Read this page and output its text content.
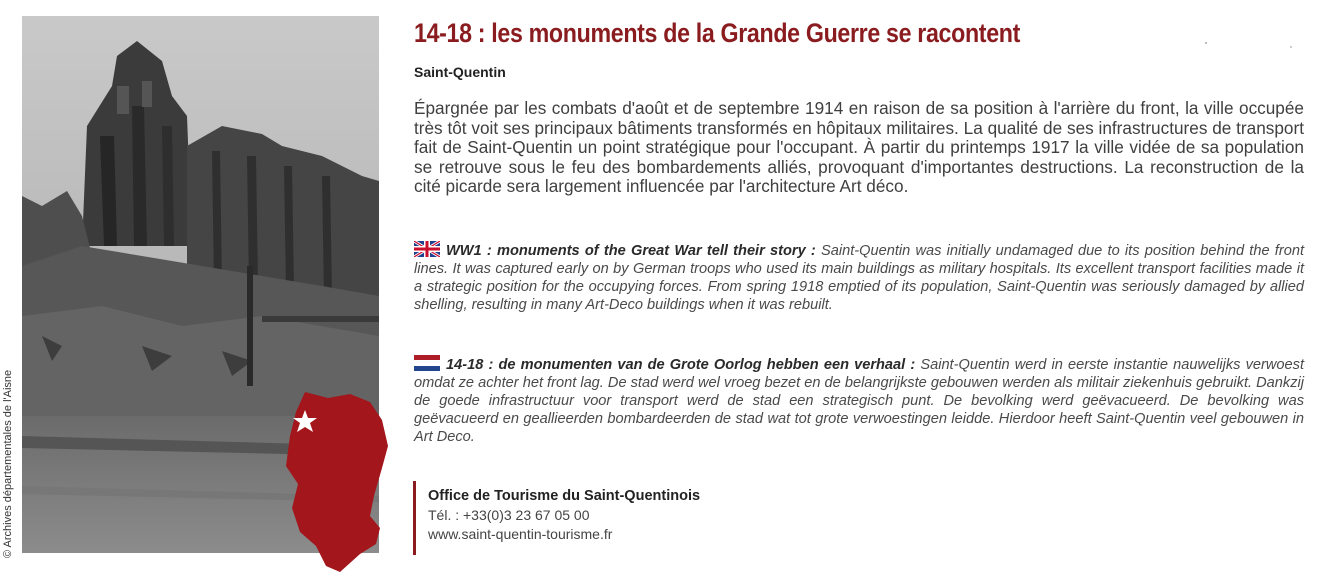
© Archives départementales de l'Aisne
14-18 : les monuments de la Grande Guerre se racontent
Saint-Quentin

Épargnée par les combats d'août et de septembre 1914 en raison de sa position à l'arrière du front, la ville occupée très tôt voit ses principaux bâtiments transformés en hôpitaux militaires. La qualité de ses infrastructures de transport fait de Saint-Quentin un point stratégique pour l'occupant. À partir du printemps 1917 la ville vidée de sa population se retrouve sous le feu des bombardements alliés, provoquant d'importantes destructions. La reconstruction de la cité picarde sera largement influencée par l'architecture Art déco.

WW1 : monuments of the Great War tell their story : Saint-Quentin was initially undamaged due to its position behind the front lines. It was captured early on by German troops who used its main buildings as military hospitals. Its excellent transport facilities made it a strategic position for the occupying forces. From spring 1918 emptied of its population, Saint-Quentin was seriously damaged by allied shelling, resulting in many Art-Deco buildings when it was rebuilt.
14-18 : de monumenten van de Grote Oorlog hebben een verhaal : Saint-Quentin werd in eerste instantie nauwelijks verwoest omdat ze achter het front lag. De stad werd wel vroeg bezet en de belangrijkste gebouwen werden als militair ziekenhuis gebruikt. Dankzij de goede infrastructuur voor transport werd de stad een strategisch punt. De bevolking werd geëvacueerd. De bevolking was geëvacueerd en geallieerden bombardeerden de stad wat tot grote verwoestingen leidde. Hierdoor heeft Saint-Quentin veel gebouwen in Art Deco.
Office de Tourisme du Saint-Quentinois
Tél. : +33(0)3 23 67 05 00
www.saint-quentin-tourisme.fr
